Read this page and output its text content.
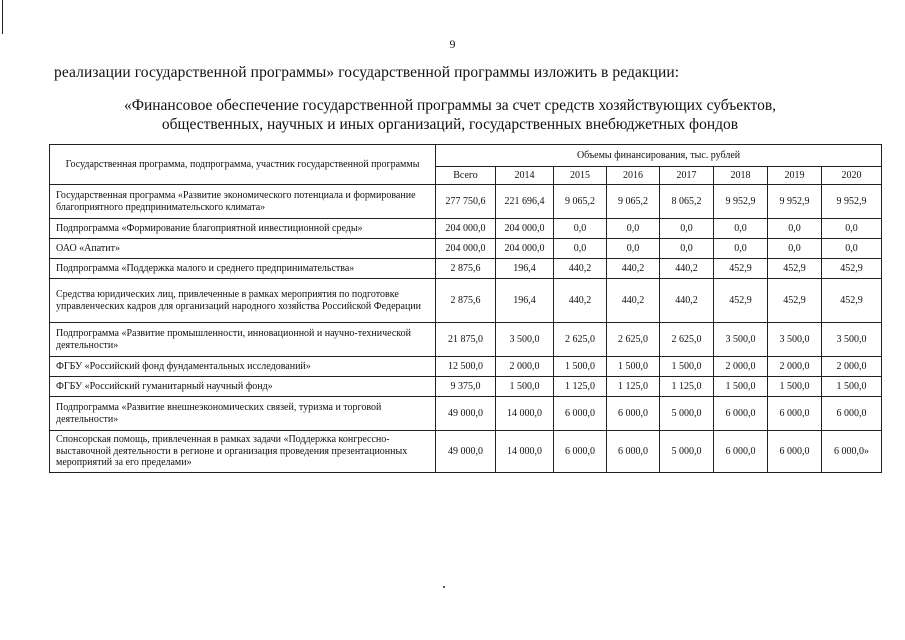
9
реализации государственной программы» государственной программы изложить в редакции:
«Финансовое обеспечение государственной программы за счет средств хозяйствующих субъектов,
общественных, научных и иных организаций, государственных внебюджетных фондов
Государственная программа, подпрограмма, участник государственной программы	Объемы финансирования, тыс. рублей							
	Всего	2014	2015	2016	2017	2018	2019	2020
Государственная программа «Развитие экономического потенциала и формирование благоприятного предпринимательского климата»	277 750,6	221 696,4	9 065,2	9 065,2	8 065,2	9 952,9	9 952,9	9 952,9
Подпрограмма «Формирование благоприятной инвестиционной среды»	204 000,0	204 000,0	0,0	0,0	0,0	0,0	0,0	0,0
ОАО «Апатит»	204 000,0	204 000,0	0,0	0,0	0,0	0,0	0,0	0,0
Подпрограмма «Поддержка малого и среднего предпринимательства»	2 875,6	196,4	440,2	440,2	440,2	452,9	452,9	452,9
Средства юридических лиц, привлеченные в рамках мероприятия по подготовке управленческих кадров для организаций народного хозяйства Российской Федерации	2 875,6	196,4	440,2	440,2	440,2	452,9	452,9	452,9
Подпрограмма «Развитие промышленности, инновационной и научно-технической деятельности»	21 875,0	3 500,0	2 625,0	2 625,0	2 625,0	3 500,0	3 500,0	3 500,0
ФГБУ «Российский фонд фундаментальных исследований»	12 500,0	2 000,0	1 500,0	1 500,0	1 500,0	2 000,0	2 000,0	2 000,0
ФГБУ «Российский гуманитарный научный фонд»	9 375,0	1 500,0	1 125,0	1 125,0	1 125,0	1 500,0	1 500,0	1 500,0
Подпрограмма «Развитие внешнеэкономических связей, туризма и торговой деятельности»	49 000,0	14 000,0	6 000,0	6 000,0	5 000,0	6 000,0	6 000,0	6 000,0
Спонсорская помощь, привлеченная в рамках задачи «Поддержка конгрессно-выставочной деятельности в регионе и организация проведения презентационных мероприятий за его пределами»	49 000,0	14 000,0	6 000,0	6 000,0	5 000,0	6 000,0	6 000,0	6 000,0»
